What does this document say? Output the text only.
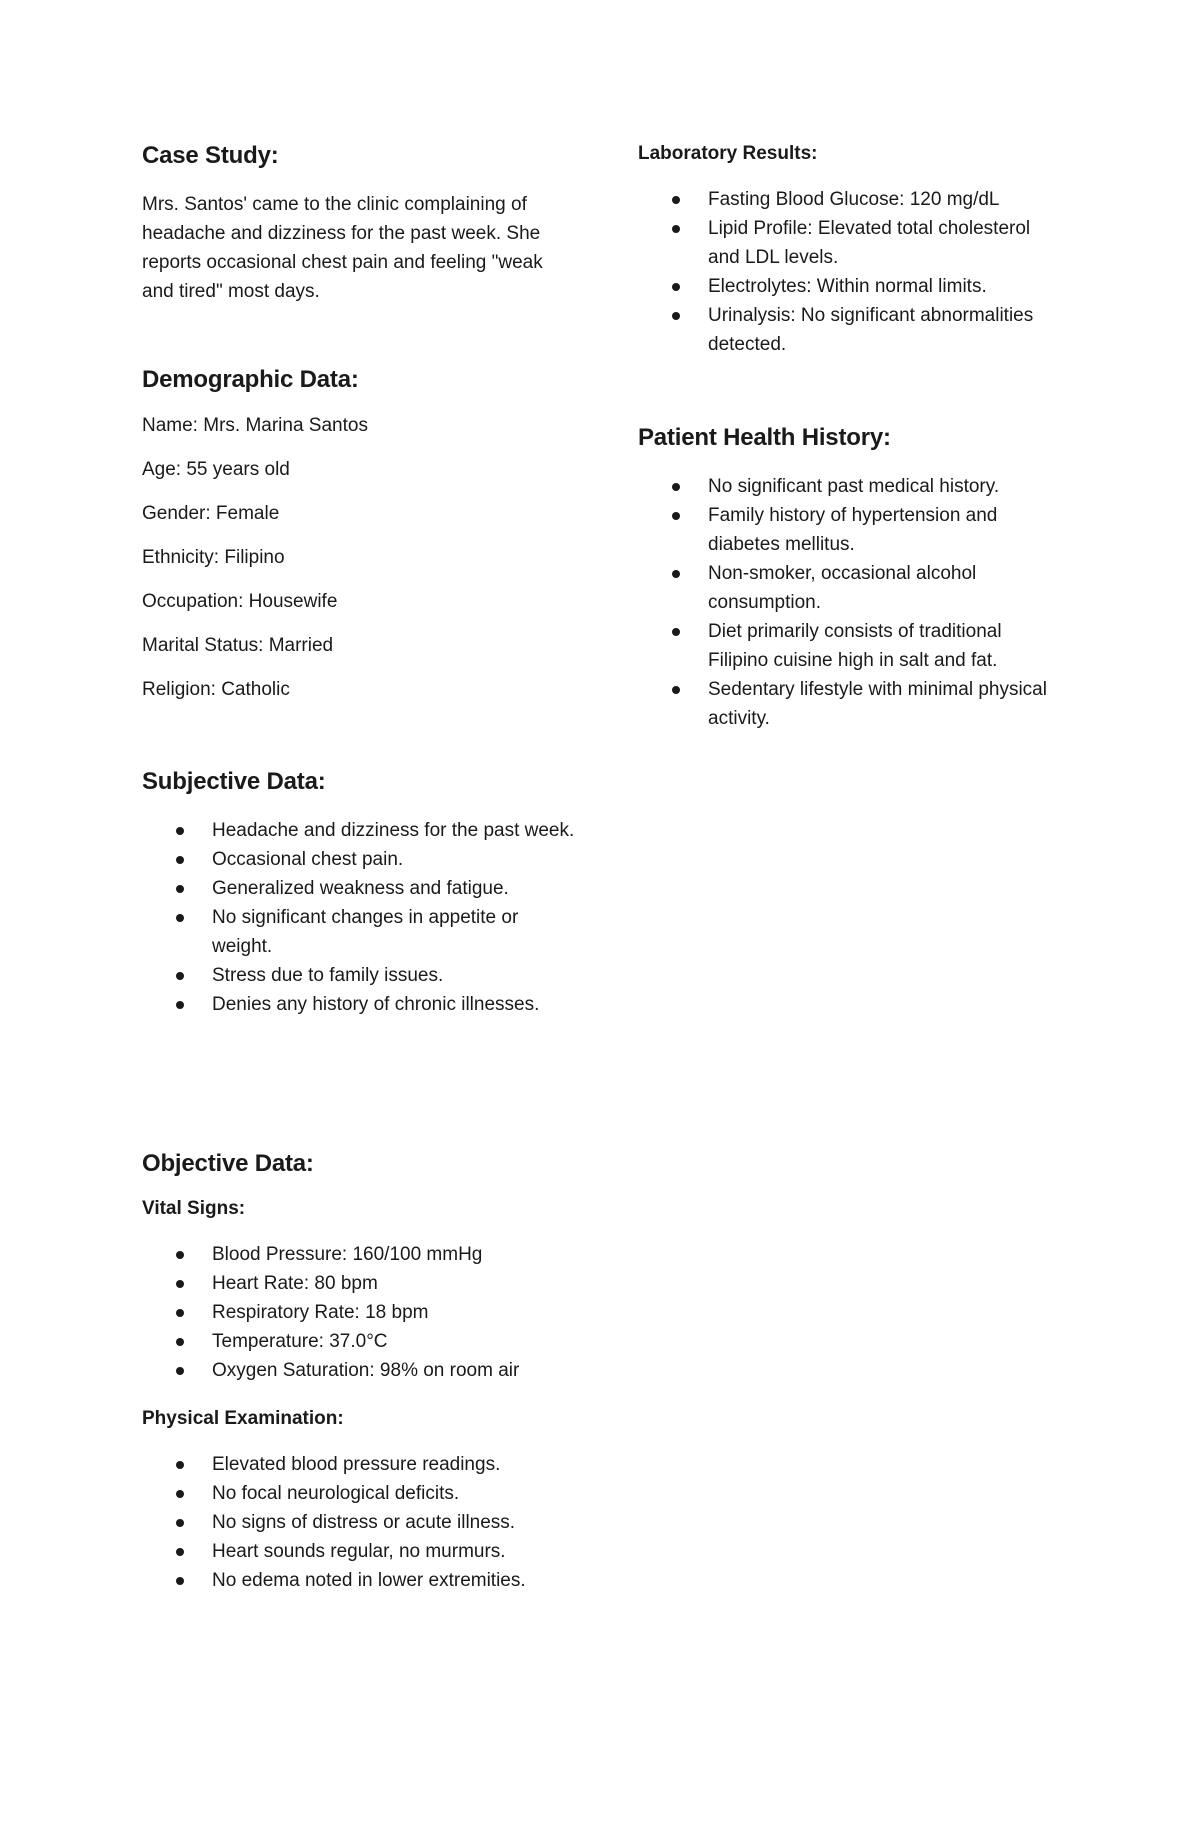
Case Study:

Mrs. Santos' came to the clinic complaining of headache and dizziness for the past week. She reports occasional chest pain and feeling "weak and tired" most days.

Demographic Data:

Name: Mrs. Marina Santos

Age: 55 years old

Gender: Female

Ethnicity: Filipino

Occupation: Housewife

Marital Status: Married

Religion: Catholic

Subjective Data:
Headache and dizziness for the past week.
Occasional chest pain.
Generalized weakness and fatigue.
No significant changes in appetite or weight.
Stress due to family issues.
Denies any history of chronic illnesses.
Objective Data:
Vital Signs:
Blood Pressure: 160/100 mmHg
Heart Rate: 80 bpm
Respiratory Rate: 18 bpm
Temperature: 37.0°C
Oxygen Saturation: 98% on room air
Physical Examination:
Elevated blood pressure readings.
No focal neurological deficits.
No signs of distress or acute illness.
Heart sounds regular, no murmurs.
No edema noted in lower extremities.
Laboratory Results:
Fasting Blood Glucose: 120 mg/dL
Lipid Profile: Elevated total cholesterol and LDL levels.
Electrolytes: Within normal limits.
Urinalysis: No significant abnormalities detected.
Patient Health History:
No significant past medical history.
Family history of hypertension and diabetes mellitus.
Non-smoker, occasional alcohol consumption.
Diet primarily consists of traditional Filipino cuisine high in salt and fat.
Sedentary lifestyle with minimal physical activity.
